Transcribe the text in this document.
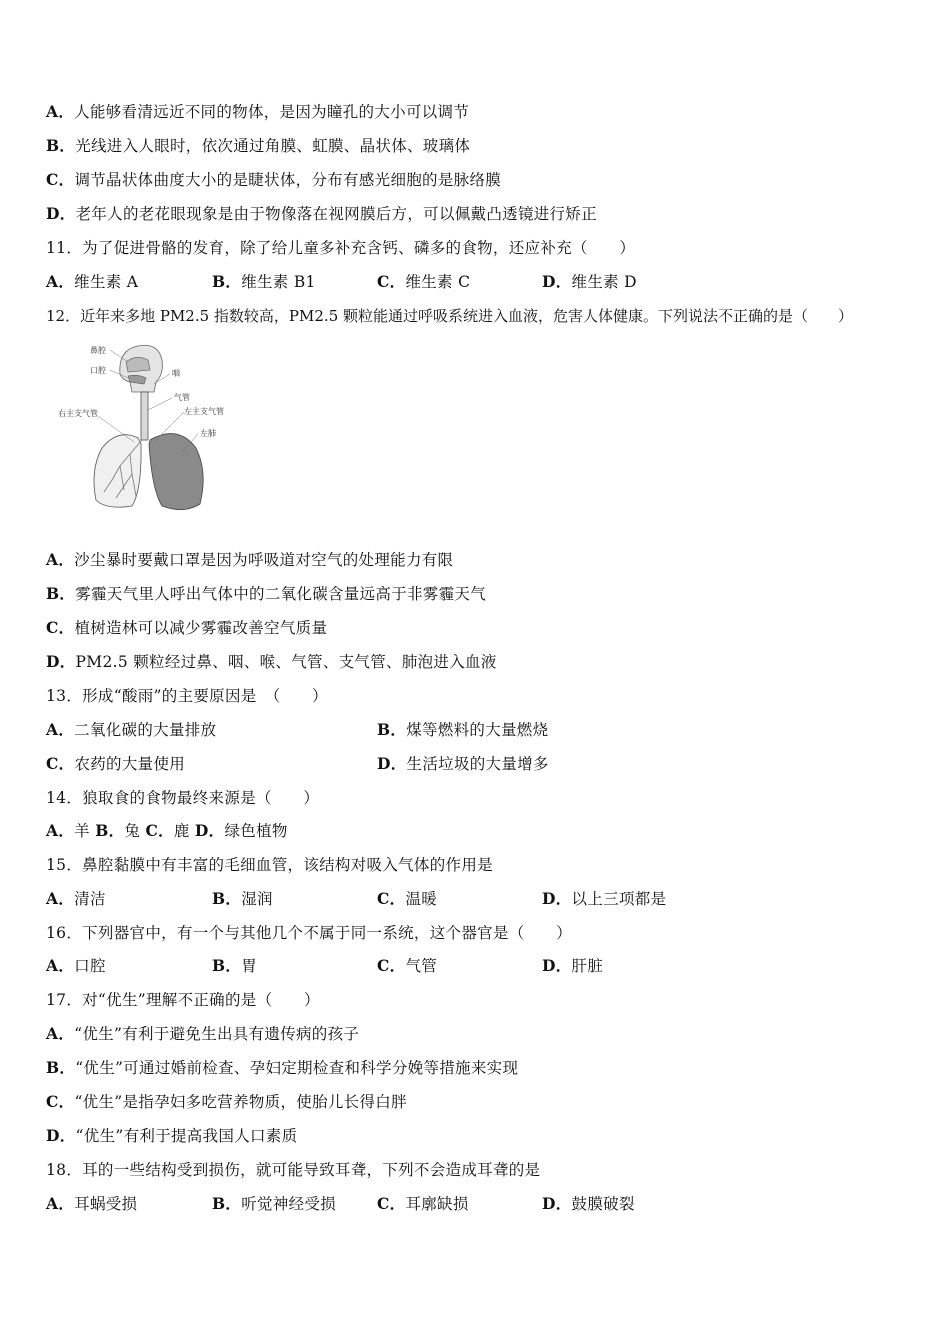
A．人能够看清远近不同的物体，是因为瞳孔的大小可以调节
B．光线进入人眼时，依次通过角膜、虹膜、晶状体、玻璃体
C．调节晶状体曲度大小的是睫状体，分布有感光细胞的是脉络膜
D．老年人的老花眼现象是由于物像落在视网膜后方，可以佩戴凸透镜进行矫正
11．为了促进骨骼的发育，除了给儿童多补充含钙、磷多的食物，还应补充（　　）
A．维生素 A	B．维生素 B1	C．维生素 C	D．维生素 D
12．近年来多地 PM2.5 指数较高，PM2.5 颗粒能通过呼吸系统进入血液，危害人体健康。下列说法不正确的是（　　）
鼻腔
口腔	咽
气管
右主支气管	左主支气管
左肺
A．沙尘暴时要戴口罩是因为呼吸道对空气的处理能力有限
B．雾霾天气里人呼出气体中的二氧化碳含量远高于非雾霾天气
C．植树造林可以减少雾霾改善空气质量
D．PM2.5 颗粒经过鼻、咽、喉、气管、支气管、肺泡进入血液
13．形成“酸雨”的主要原因是　（　　）
A．二氧化碳的大量排放	B．煤等燃料的大量燃烧
C．农药的大量使用	D．生活垃圾的大量增多
14．狼取食的食物最终来源是（　　）
A．羊 B．兔 C．鹿 D．绿色植物
15．鼻腔黏膜中有丰富的毛细血管，该结构对吸入气体的作用是
A．清洁	B．湿润	C．温暖	D．以上三项都是
16．下列器官中，有一个与其他几个不属于同一系统，这个器官是（　　）
A．口腔	B．胃	C．气管	D．肝脏
17．对“优生”理解不正确的是（　　）
A．“优生”有利于避免生出具有遗传病的孩子
B．“优生”可通过婚前检查、孕妇定期检查和科学分娩等措施来实现
C．“优生”是指孕妇多吃营养物质，使胎儿长得白胖
D．“优生”有利于提高我国人口素质
18．耳的一些结构受到损伤，就可能导致耳聋，下列不会造成耳聋的是
A．耳蜗受损	B．听觉神经受损	C．耳廓缺损	D．鼓膜破裂
